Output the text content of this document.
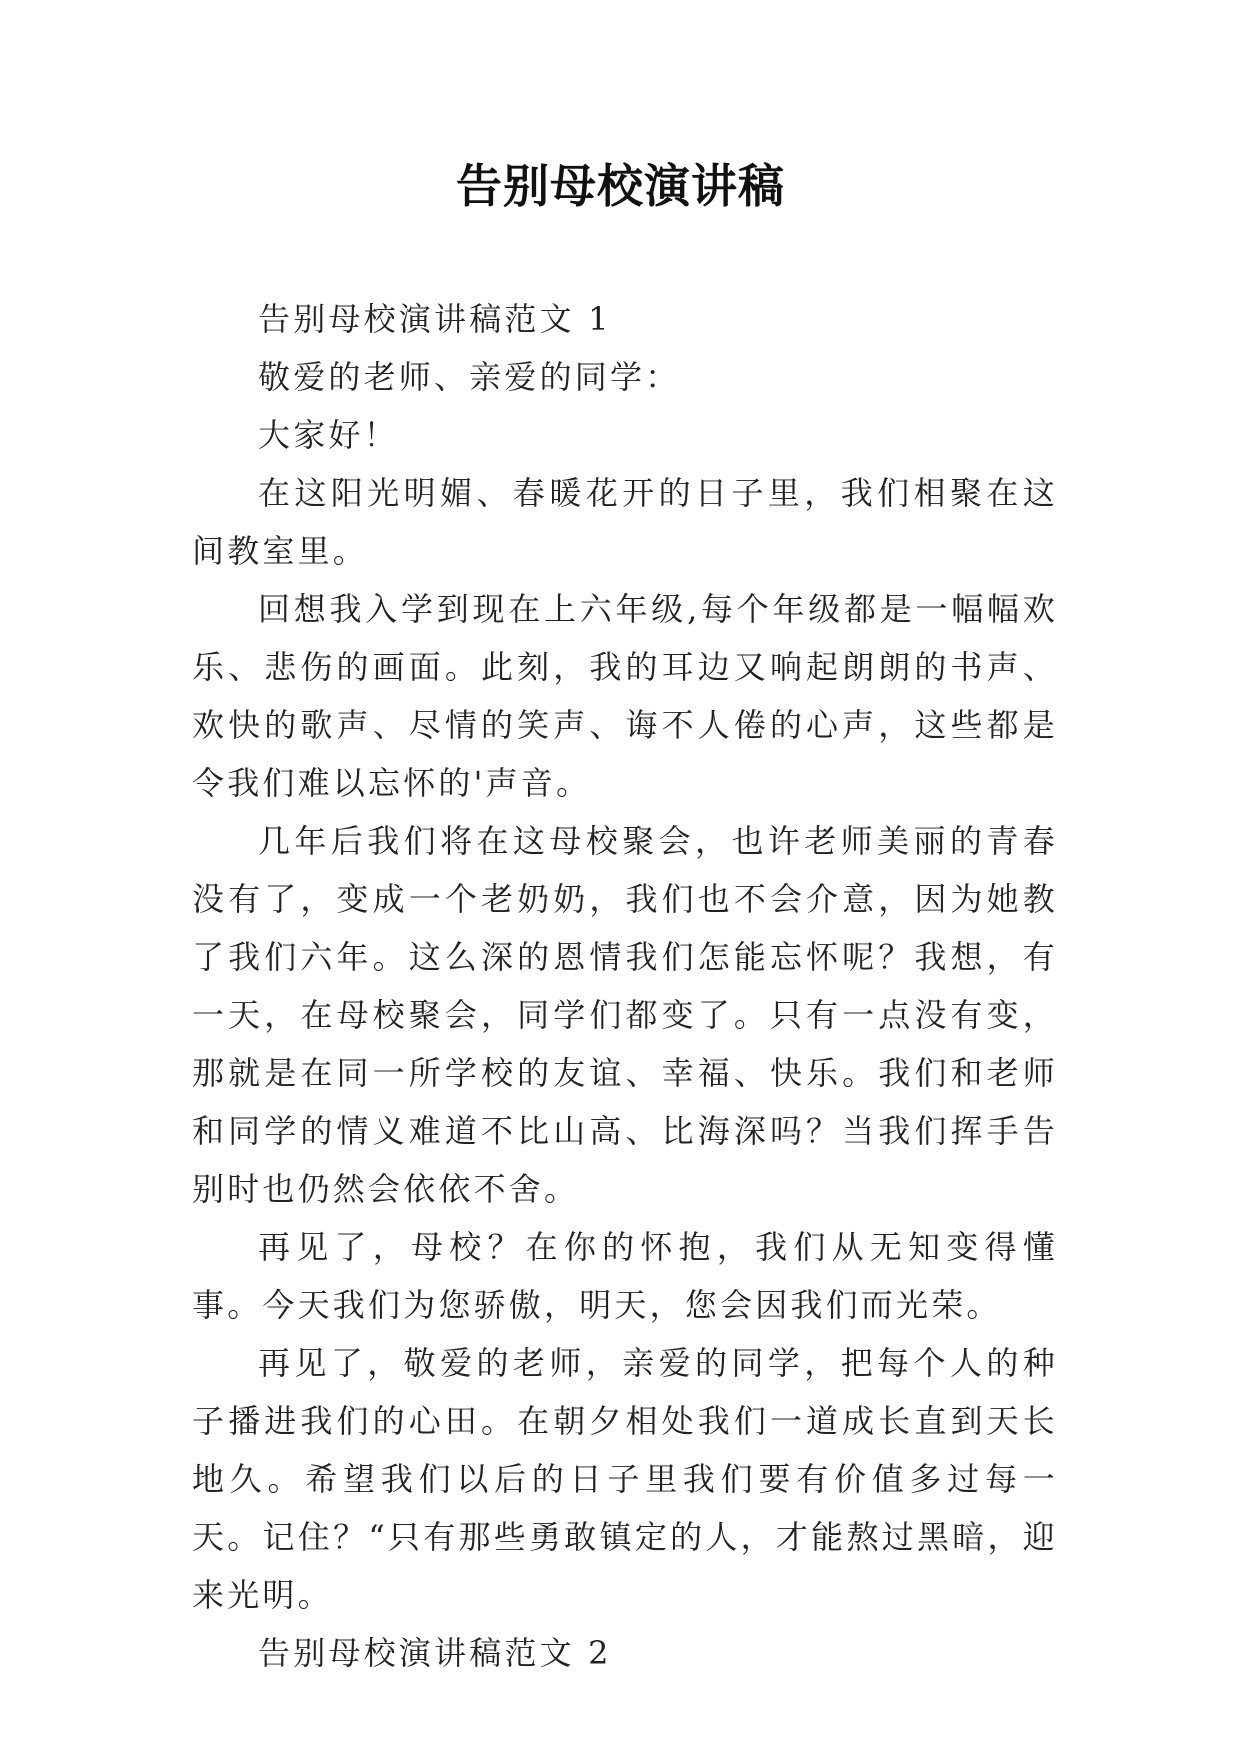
告别母校演讲稿

告别母校演讲稿范文 1

敬爱的老师、亲爱的同学：

大家好！

在这阳光明媚、春暖花开的日子里，我们相聚在这间教室里。

回想我入学到现在上六年级,每个年级都是一幅幅欢乐、悲伤的画面。此刻，我的耳边又响起朗朗的书声、欢快的歌声、尽情的笑声、诲不人倦的心声，这些都是令我们难以忘怀的'声音。

几年后我们将在这母校聚会，也许老师美丽的青春没有了，变成一个老奶奶，我们也不会介意，因为她教了我们六年。这么深的恩情我们怎能忘怀呢？我想，有一天，在母校聚会，同学们都变了。只有一点没有变，那就是在同一所学校的友谊、幸福、快乐。我们和老师和同学的情义难道不比山高、比海深吗？当我们挥手告别时也仍然会依依不舍。

再见了，母校？在你的怀抱，我们从无知变得懂事。今天我们为您骄傲，明天，您会因我们而光荣。

再见了，敬爱的老师，亲爱的同学，把每个人的种子播进我们的心田。在朝夕相处我们一道成长直到天长地久。希望我们以后的日子里我们要有价值多过每一天。记住？“只有那些勇敢镇定的人，才能熬过黑暗，迎来光明。

告别母校演讲稿范文 2
